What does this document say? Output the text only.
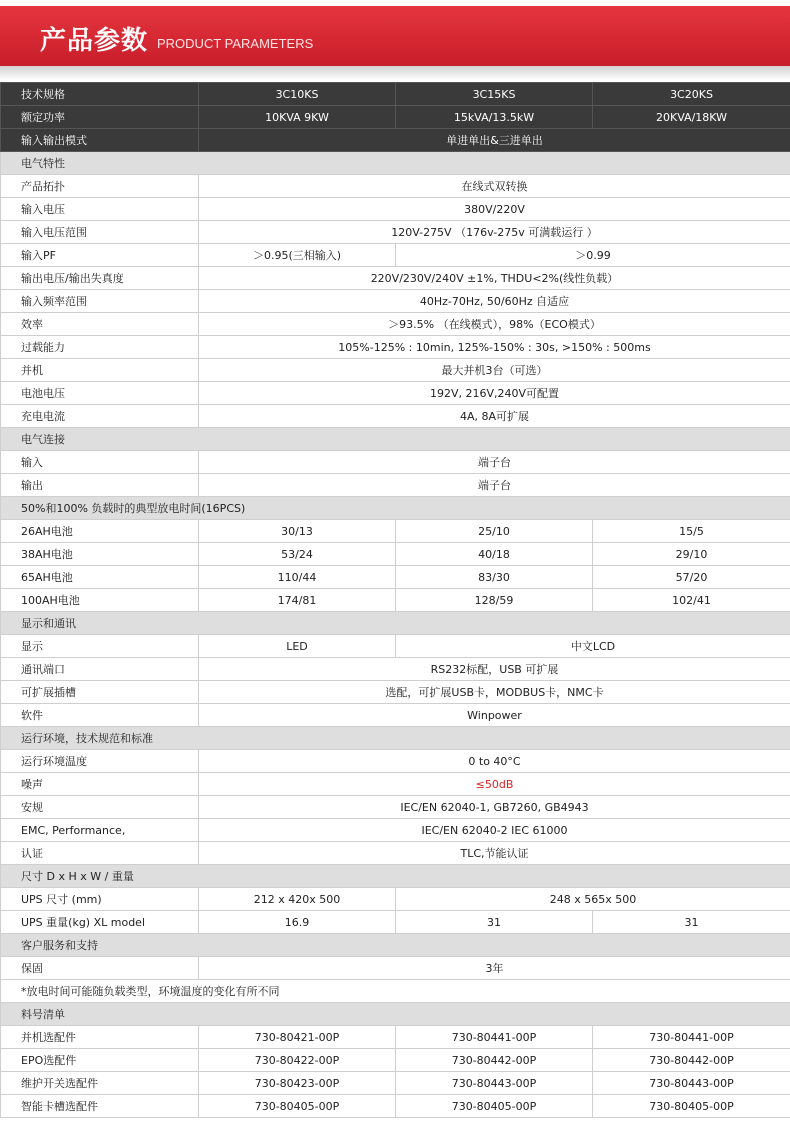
产品参数 PRODUCT PARAMETERS
技术规格	3C10KS	3C15KS	3C20KS
额定功率	10KVA 9KW	15kVA/13.5kW	20KVA/18KW
输入输出模式	单进单出&三进单出		
电气特性			
产品拓扑	在线式双转换		
输入电压	380V/220V		
输入电压范围	120V-275V （176v-275v 可满载运行 ）		
输入PF	＞0.95(三相输入)	＞0.99	
输出电压/输出失真度	220V/230V/240V ±1%, THDU<2%(线性负载）		
输入频率范围	40Hz-70Hz, 50/60Hz 自适应		
效率	＞93.5% （在线模式），98%（ECO模式）		
过载能力	105%-125% : 10min, 125%-150% : 30s, >150% : 500ms		
并机	最大并机3台（可选）		
电池电压	192V, 216V,240V可配置		
充电电流	4A, 8A可扩展		
电气连接			
输入	端子台		
输出	端子台		
50%和100% 负载时的典型放电时间(16PCS)			
26AH电池	30/13	25/10	15/5
38AH电池	53/24	40/18	29/10
65AH电池	110/44	83/30	57/20
100AH电池	174/81	128/59	102/41
显示和通讯			
显示	LED	中文LCD	
通讯端口	RS232标配，USB 可扩展		
可扩展插槽	选配，可扩展USB卡，MODBUS卡，NMC卡		
软件	Winpower		
运行环境，技术规范和标准			
运行环境温度	0 to 40°C		
噪声	≤50dB		
安规	IEC/EN 62040-1, GB7260, GB4943		
EMC, Performance,	IEC/EN 62040-2 IEC 61000		
认证	TLC,节能认证		
尺寸 D x H x W / 重量			
UPS 尺寸 (mm)	212 x 420x 500	248 x 565x 500	
UPS 重量(kg) XL model	16.9	31	31
客户服务和支持			
保固	3年		
*放电时间可能随负载类型，环境温度的变化有所不同			
料号清单			
并机选配件	730-80421-00P	730-80441-00P	730-80441-00P
EPO选配件	730-80422-00P	730-80442-00P	730-80442-00P
维护开关选配件	730-80423-00P	730-80443-00P	730-80443-00P
智能卡槽选配件	730-80405-00P	730-80405-00P	730-80405-00P
